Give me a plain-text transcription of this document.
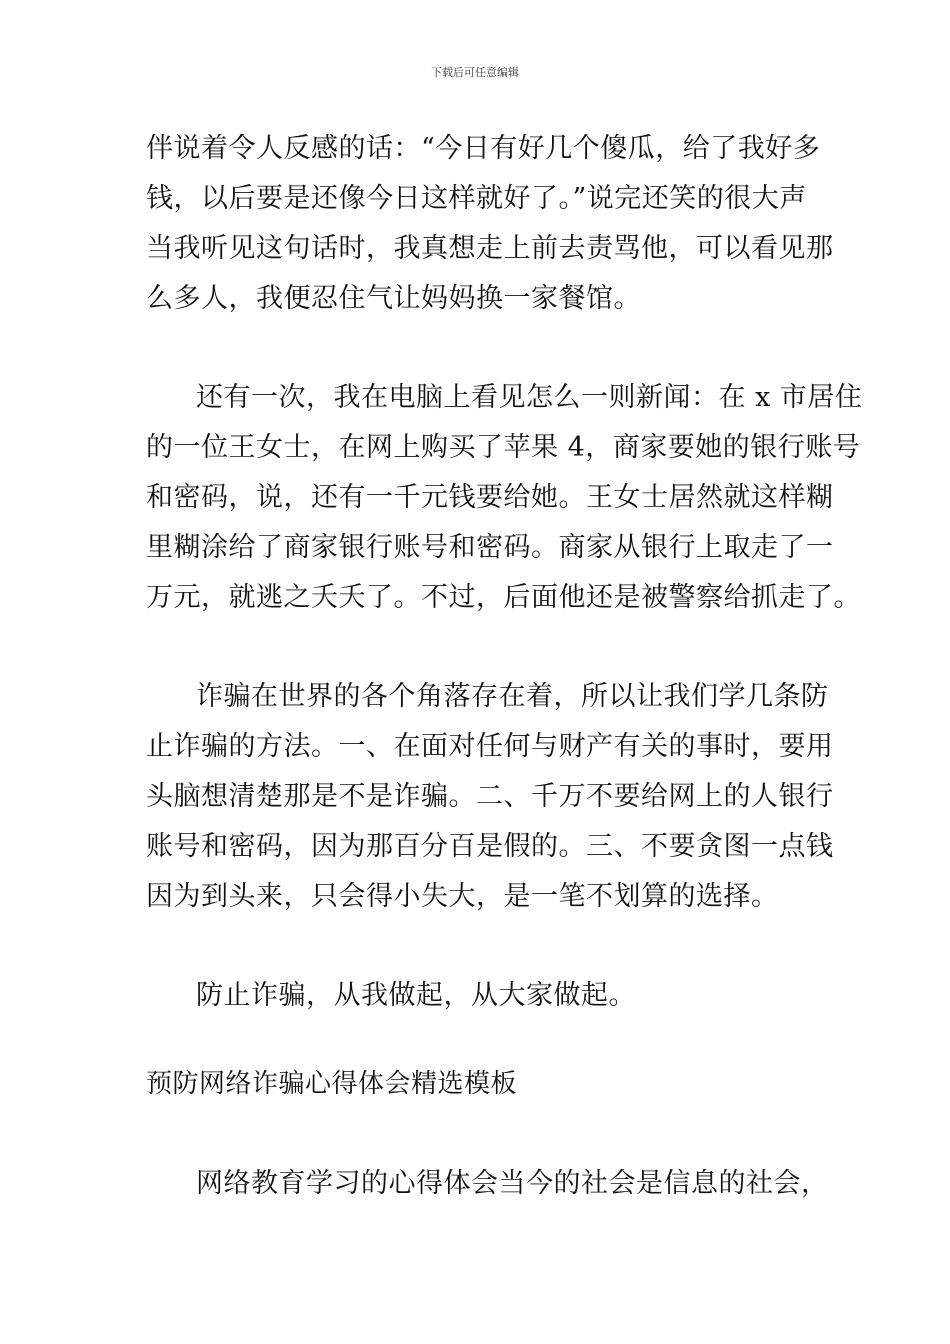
下载后可任意编辑
伴说着令人反感的话：“今日有好几个傻瓜，给了我好多
钱，以后要是还像今日这样就好了。”说完还笑的很大声
当我听见这句话时，我真想走上前去责骂他，可以看见那
么多人，我便忍住气让妈妈换一家餐馆。
还有一次，我在电脑上看见怎么一则新闻：在 x 市居住
的一位王女士，在网上购买了苹果 4，商家要她的银行账号
和密码，说，还有一千元钱要给她。王女士居然就这样糊
里糊涂给了商家银行账号和密码。商家从银行上取走了一
万元，就逃之夭夭了。不过，后面他还是被警察给抓走了。
诈骗在世界的各个角落存在着，所以让我们学几条防
止诈骗的方法。一、在面对任何与财产有关的事时，要用
头脑想清楚那是不是诈骗。二、千万不要给网上的人银行
账号和密码，因为那百分百是假的。三、不要贪图一点钱
因为到头来，只会得小失大，是一笔不划算的选择。
防止诈骗，从我做起，从大家做起。
预防网络诈骗心得体会精选模板
网络教育学习的心得体会当今的社会是信息的社会，
